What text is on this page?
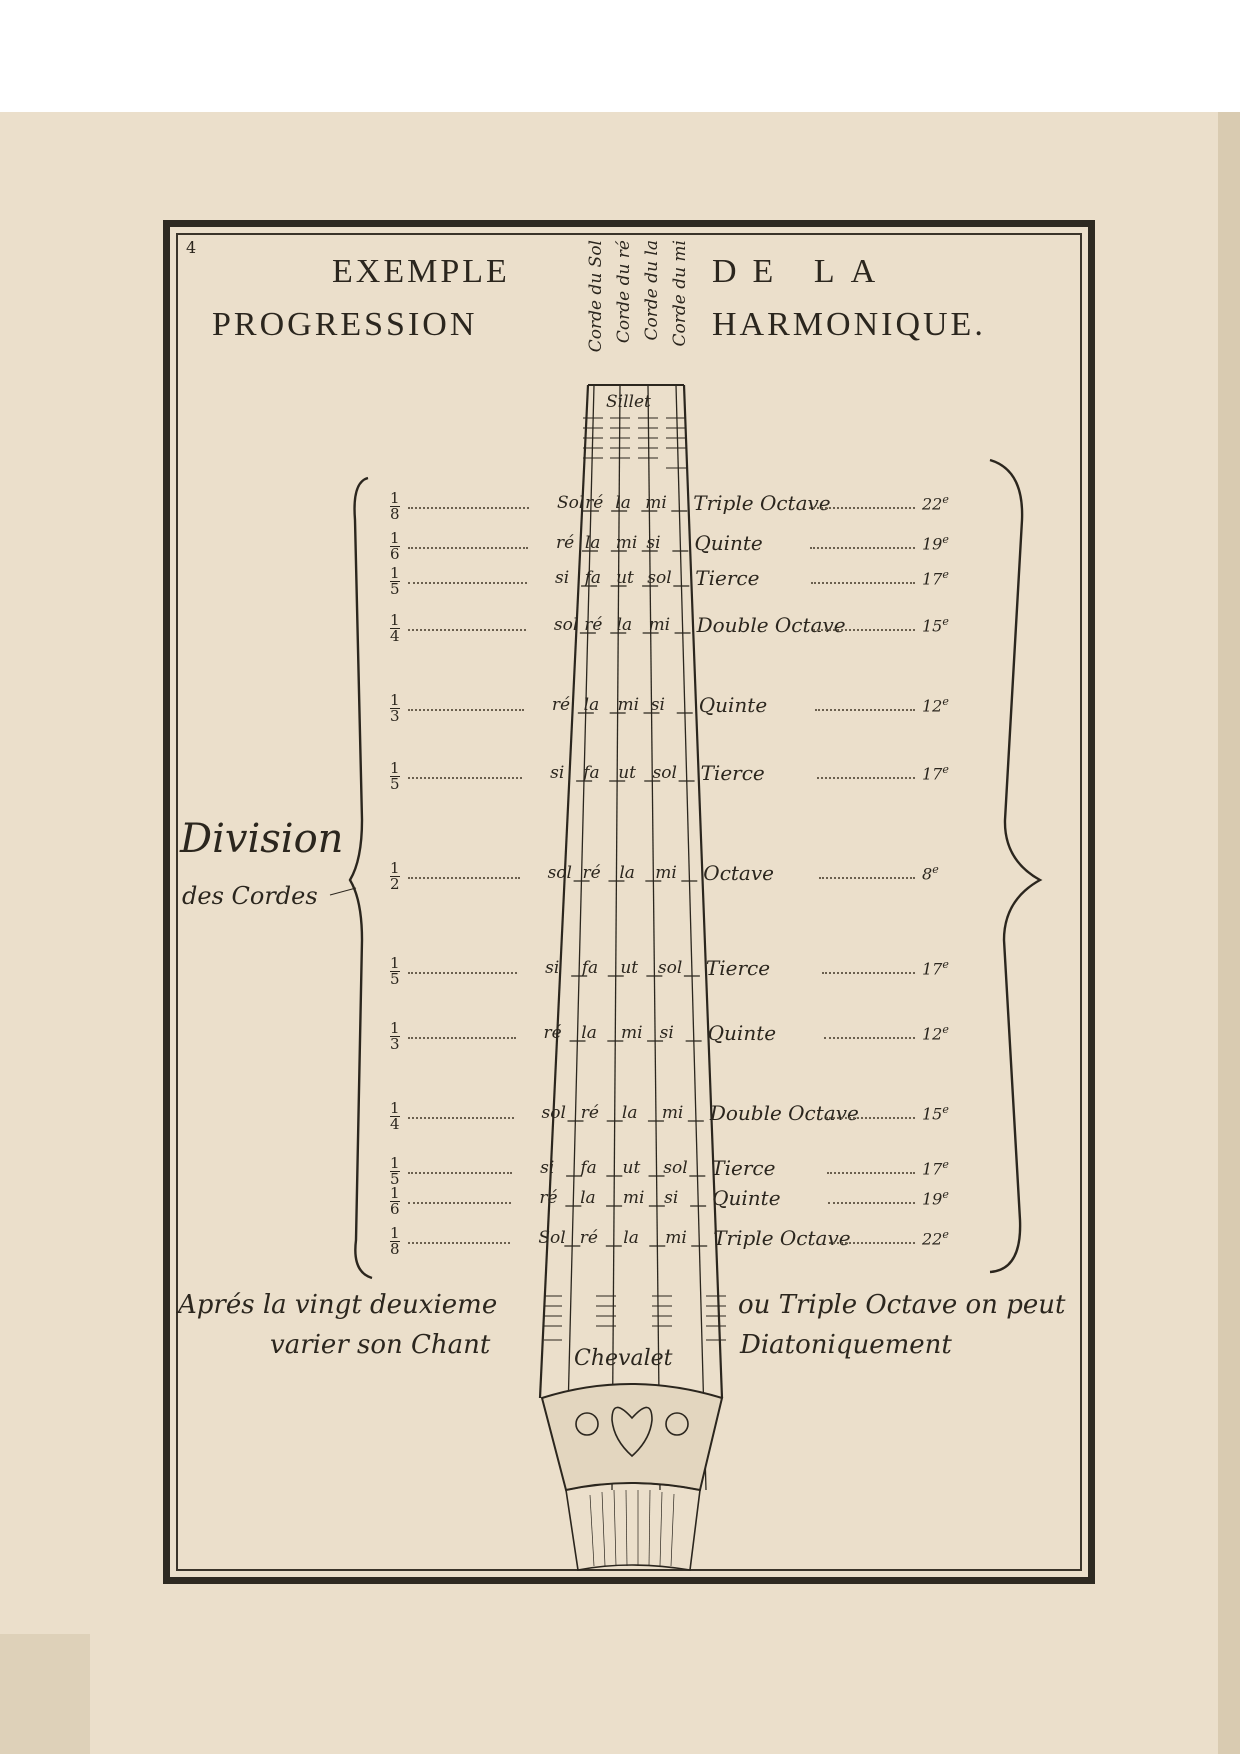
4
EXEMPLE
PROGRESSION
DE LA
HARMONIQUE.
Corde du Sol Corde du ré Corde du la Corde du mi
Sillet
Division
des Cordes
$\frac{1}{8}$	Sol ré la mi Triple Octave	22e
$\frac{1}{6}$	ré la mi si Quinte	19e
$\frac{1}{5}$	si fa ut sol Tierce	17e
$\frac{1}{4}$	sol ré la mi Double Octave	15e
$\frac{1}{3}$	ré la mi si Quinte	12e
$\frac{1}{5}$	si fa ut sol Tierce	17e
$\frac{1}{2}$	sol ré la mi Octave	8e
$\frac{1}{5}$	si fa ut sol Tierce	17e
$\frac{1}{3}$	ré la mi si Quinte	12e
$\frac{1}{4}$	sol ré la mi Double Octave	15e
$\frac{1}{5}$	si fa ut sol Tierce	17e
$\frac{1}{6}$	ré la mi si Quinte	19e
$\frac{1}{8}$	Sol ré la mi Triple Octave	22e
Aprés la vingt deuxieme
varier son Chant
ou Triple Octave on peut
Diatoniquement
Chevalet
